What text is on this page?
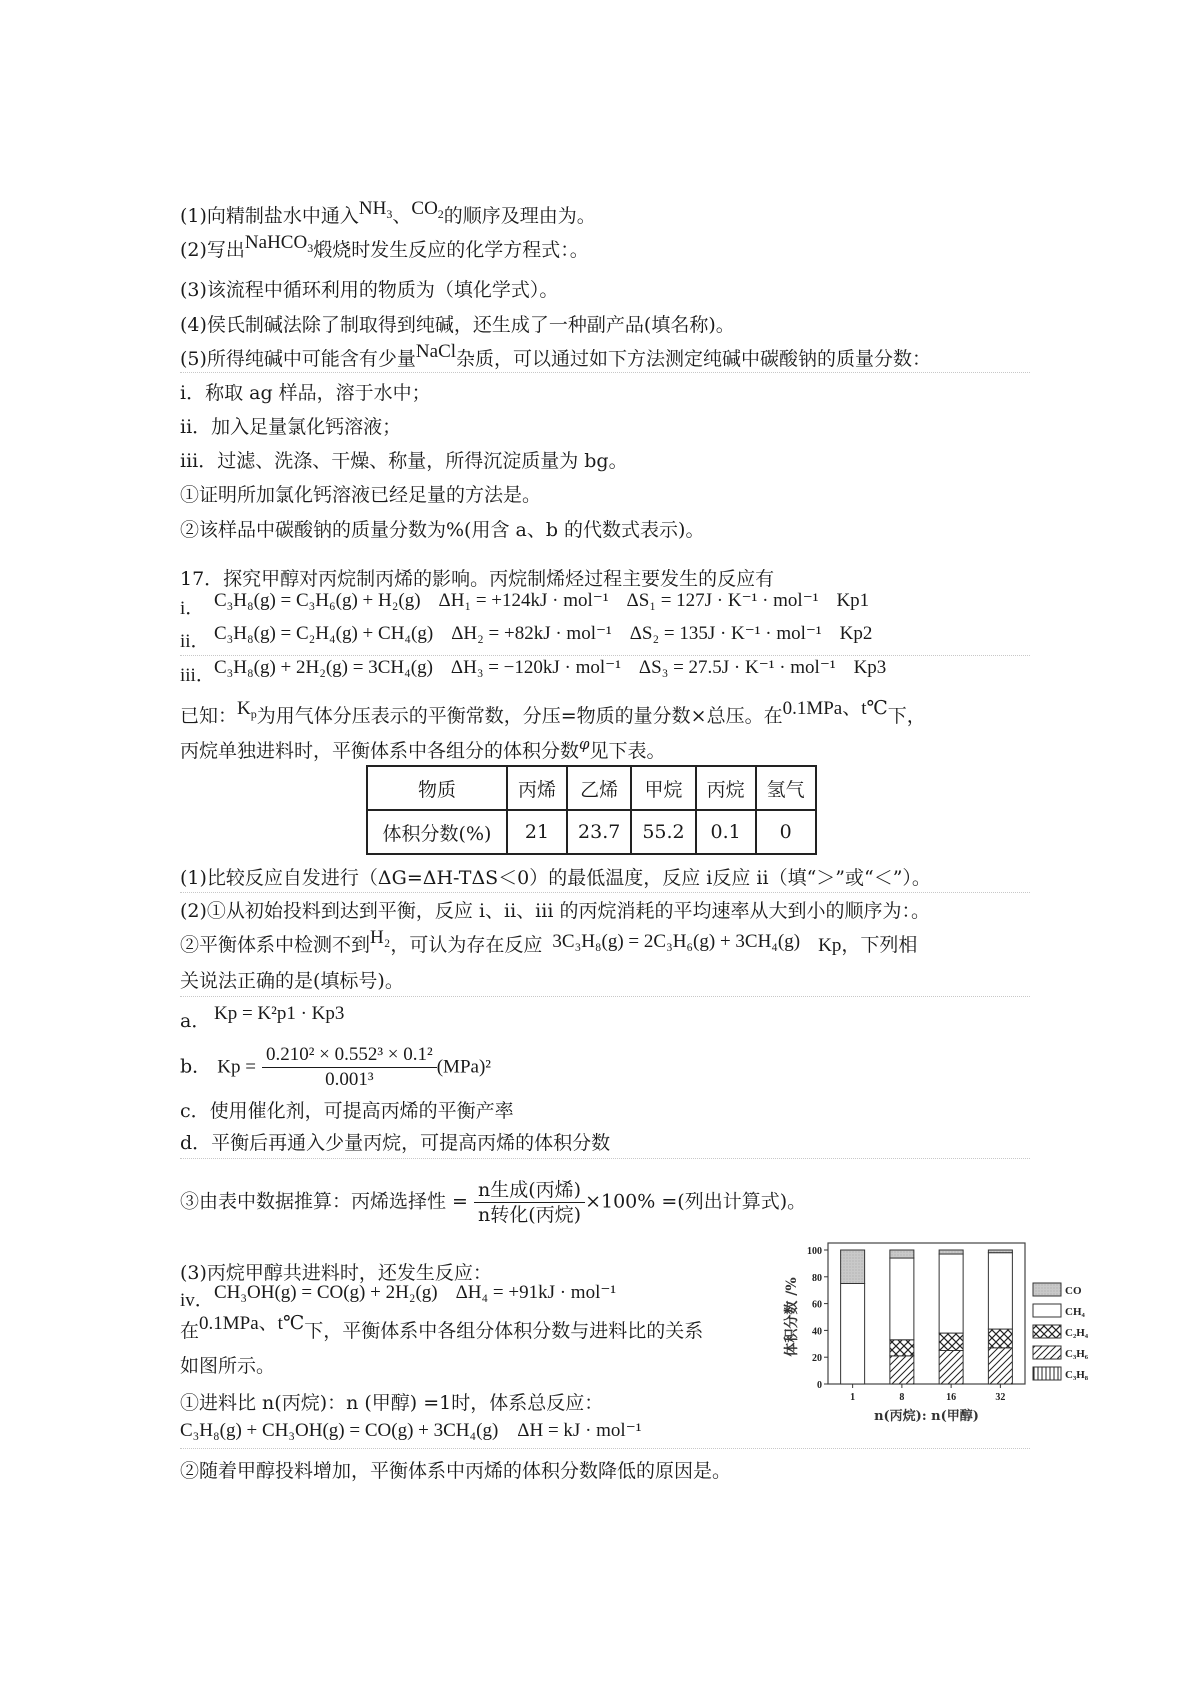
(1)向精制盐水中通入$NH_3$、$CO_2$的顺序及理由为。
(2)写出NaHCO$_3$煅烧时发生反应的化学方程式：。
(3)该流程中循环利用的物质为（填化学式）。
(4)侯氏制碱法除了制取得到纯碱，还生成了一种副产品(填名称)。
(5)所得纯碱中可能含有少量NaCl杂质，可以通过如下方法测定纯碱中碳酸钠的质量分数：
i．称取 ag 样品，溶于水中；
ii．加入足量氯化钙溶液；
iii．过滤、洗涤、干燥、称量，所得沉淀质量为 bg。
①证明所加氯化钙溶液已经足量的方法是。
②该样品中碳酸钠的质量分数为%(用含 a、b 的代数式表示)。
17．探究甲醇对丙烷制丙烯的影响。丙烷制烯烃过程主要发生的反应有
i． C₃H₈(g) = C₃H₆(g) + H₂(g) ΔH₁ = +124kJ · mol⁻¹ ΔS₁ = 127J · K⁻¹ · mol⁻¹ Kp1
ii． C₃H₈(g) = C₂H₄(g) + CH₄(g) ΔH₂ = +82kJ · mol⁻¹ ΔS₂ = 135J · K⁻¹ · mol⁻¹ Kp2
iii．C₃H₈(g) + 2H₂(g) = 3CH₄(g) ΔH₃ = −120kJ · mol⁻¹ ΔS₃ = 27.5J · K⁻¹ · mol⁻¹ Kp3
已知：$K_p$为用气体分压表示的平衡常数，分压=物质的量分数×总压。在0.1MPa、t℃下，
丙烷单独进料时，平衡体系中各组分的体积分数$^\varphi$见下表。
物质	丙烯	乙烯	甲烷	丙烷	氢气
体积分数(%)	21	23.7	55.2	0.1	0
(1)比较反应自发进行（ΔG=ΔH-TΔS＜0）的最低温度，反应 i反应 ii（填“＞”或“＜”）。
(2)①从初始投料到达到平衡，反应 i、ii、iii 的丙烷消耗的平均速率从大到小的顺序为：。
②平衡体系中检测不到H₂，可认为存在反应 3C₃H₈(g) = 2C₃H₆(g) + 3CH₄(g) Kp，下列相
关说法正确的是(填标号)。
a． Kp = K²p1 · Kp3
b． $Kp = \frac{\text{0.210² × 0.552³ × 0.1²}}{\text{0.001³}} (MPa)^2$
c．使用催化剂，可提高丙烯的平衡产率
d．平衡后再通入少量丙烷，可提高丙烯的体积分数
③由表中数据推算：丙烯选择性 = $\frac{\text{n生成(丙烯)}}{\text{n转化(丙烷)}} \times 100\%$ =(列出计算式)。
(3)丙烷甲醇共进料时，还发生反应：
iv．CH₃OH(g) = CO(g) + 2H₂(g) ΔH₄ = +91kJ · mol⁻¹
在0.1MPa、t℃下，平衡体系中各组分体积分数与进料比的关系
如图所示。
①进料比 n(丙烷)：n (甲醇) =1时，体系总反应：
C₃H₈(g) + CH₃OH(g) = CO(g) + 3CH₄(g)　ΔH = kJ · mol⁻¹
②随着甲醇投料增加，平衡体系中丙烯的体积分数降低的原因是。
0
20
40
60
80
100
体积分数 /%
1	8	16	32
n(丙烷): n(甲醇)
CO
CH₄
C₂H₄
C₃H₆
C₃H₈
